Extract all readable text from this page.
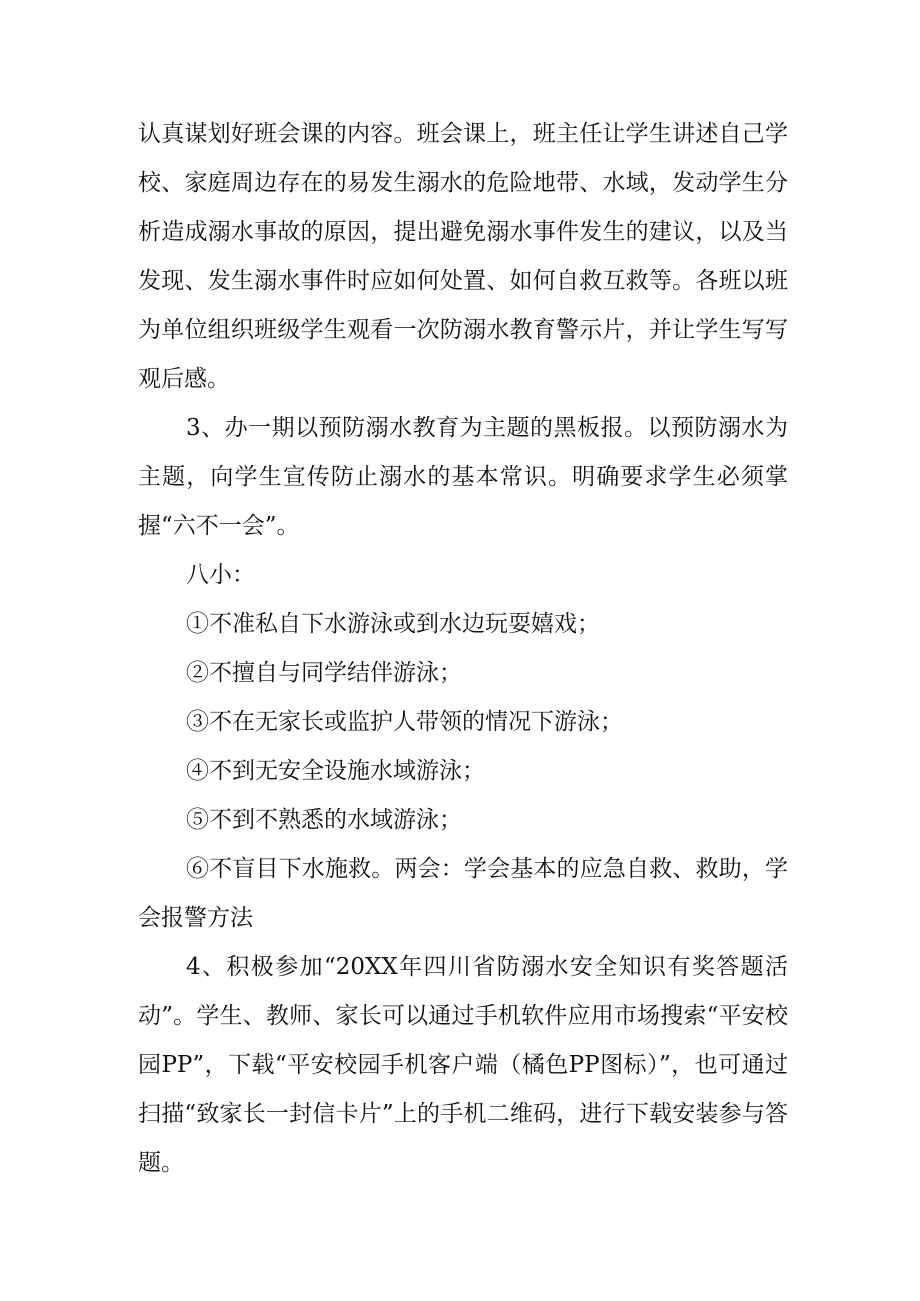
认真谋划好班会课的内容。班会课上，班主任让学生讲述自己学校、家庭周边存在的易发生溺水的危险地带、水域，发动学生分析造成溺水事故的原因，提出避免溺水事件发生的建议，以及当发现、发生溺水事件时应如何处置、如何自救互救等。各班以班为单位组织班级学生观看一次防溺水教育警示片，并让学生写写观后感。

3、办一期以预防溺水教育为主题的黑板报。以预防溺水为主题，向学生宣传防止溺水的基本常识。明确要求学生必须掌握“六不一会”。

八小：

①不准私自下水游泳或到水边玩耍嬉戏；

②不擅自与同学结伴游泳；

③不在无家长或监护人带领的情况下游泳；

④不到无安全设施水域游泳；

⑤不到不熟悉的水域游泳；

⑥不盲目下水施救。两会：学会基本的应急自救、救助，学会报警方法

4、积极参加“20XX年四川省防溺水安全知识有奖答题活动”。学生、教师、家长可以通过手机软件应用市场搜索“平安校园PP”，下载“平安校园手机客户端（橘色PP图标）”，也可通过扫描“致家长一封信卡片”上的手机二维码，进行下载安装参与答题。
